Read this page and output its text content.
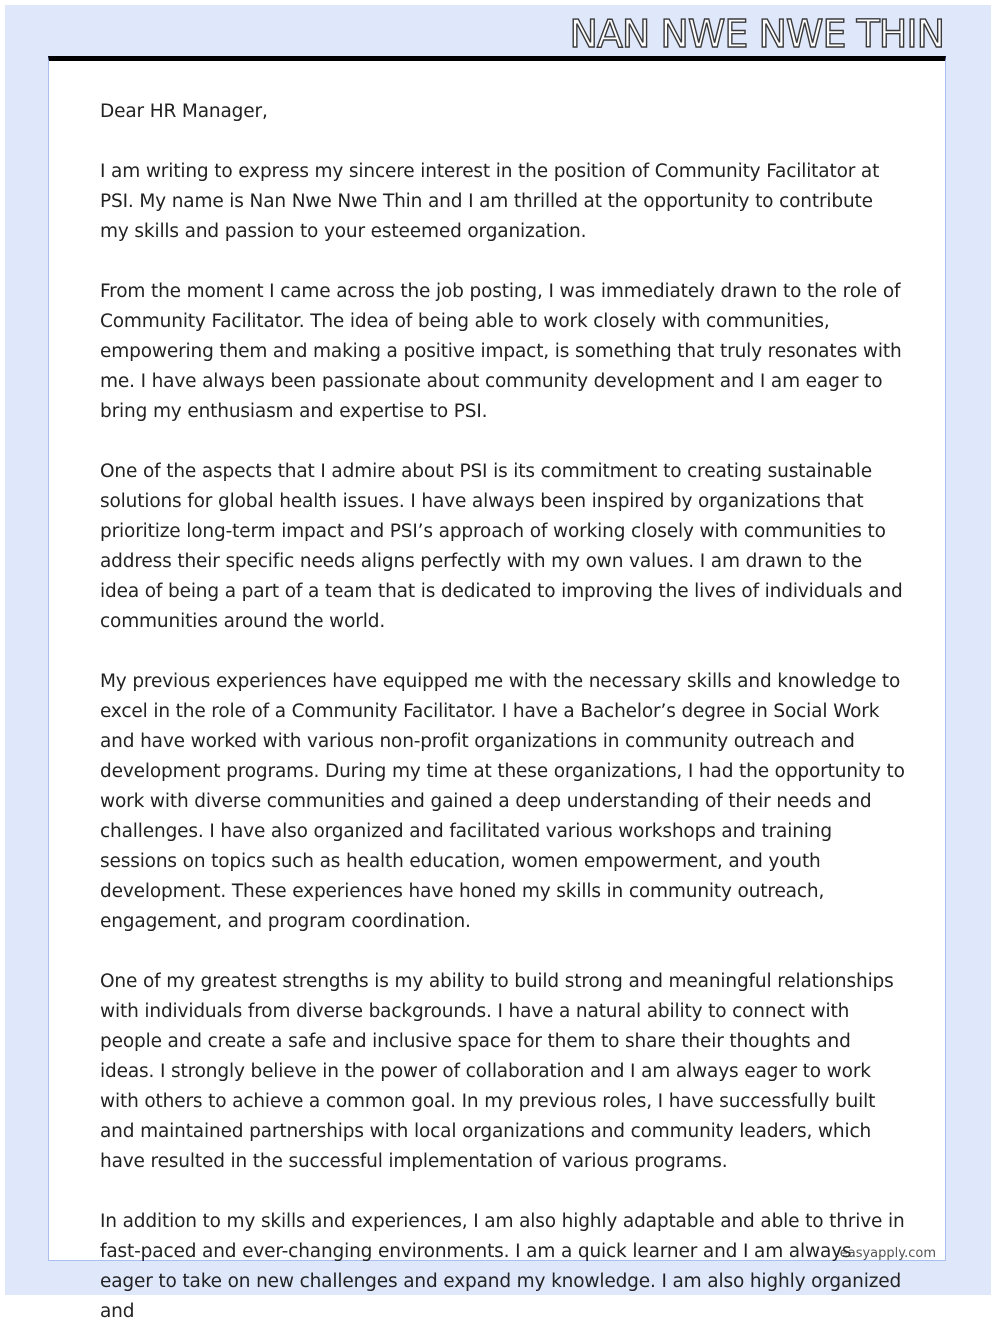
NAN NWE NWE THIN

Dear HR Manager,

I am writing to express my sincere interest in the position of Community Facilitator at PSI. My name is Nan Nwe Nwe Thin and I am thrilled at the opportunity to contribute my skills and passion to your esteemed organization.

From the moment I came across the job posting, I was immediately drawn to the role of Community Facilitator. The idea of being able to work closely with communities, empowering them and making a positive impact, is something that truly resonates with me. I have always been passionate about community development and I am eager to bring my enthusiasm and expertise to PSI.

One of the aspects that I admire about PSI is its commitment to creating sustainable solutions for global health issues. I have always been inspired by organizations that prioritize long-term impact and PSI’s approach of working closely with communities to address their specific needs aligns perfectly with my own values. I am drawn to the idea of being a part of a team that is dedicated to improving the lives of individuals and communities around the world.

My previous experiences have equipped me with the necessary skills and knowledge to excel in the role of a Community Facilitator. I have a Bachelor’s degree in Social Work and have worked with various non-profit organizations in community outreach and development programs. During my time at these organizations, I had the opportunity to work with diverse communities and gained a deep understanding of their needs and challenges. I have also organized and facilitated various workshops and training sessions on topics such as health education, women empowerment, and youth development. These experiences have honed my skills in community outreach, engagement, and program coordination.

One of my greatest strengths is my ability to build strong and meaningful relationships with individuals from diverse backgrounds. I have a natural ability to connect with people and create a safe and inclusive space for them to share their thoughts and ideas. I strongly believe in the power of collaboration and I am always eager to work with others to achieve a common goal. In my previous roles, I have successfully built and maintained partnerships with local organizations and community leaders, which have resulted in the successful implementation of various programs.

In addition to my skills and experiences, I am also highly adaptable and able to thrive in fast-paced and ever-changing environments. I am a quick learner and I am always eager to take on new challenges and expand my knowledge. I am also highly organized and

easyapply.com
